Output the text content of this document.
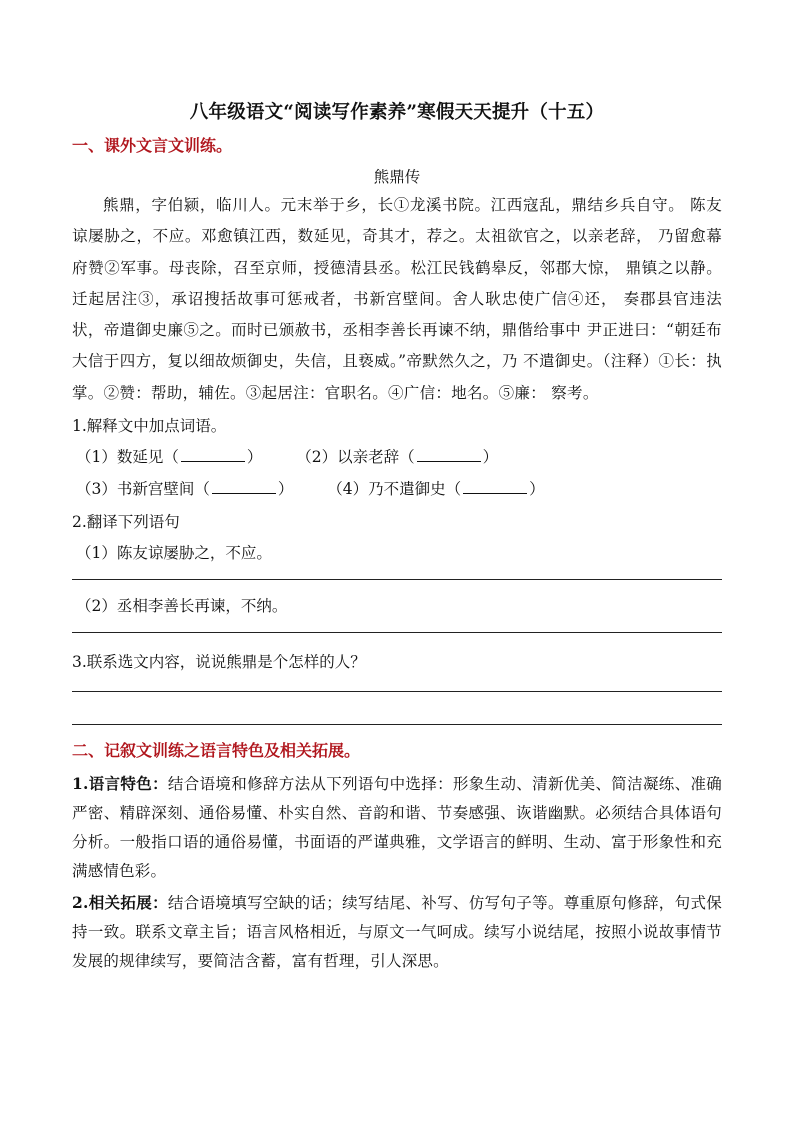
八年级语文“阅读写作素养”寒假天天提升（十五）
一、课外文言文训练。
熊鼎传

熊鼎，字伯颍，临川人。元末举于乡，长①龙溪书院。江西寇乱，鼎结乡兵自守。 陈友谅屡胁之，不应。邓愈镇江西，数延见，奇其才，荐之。太祖欲官之，以亲老辞， 乃留愈幕府赞②军事。母丧除，召至京师，授德清县丞。松江民钱鹤皋反，邻郡大惊， 鼎镇之以静。迁起居注③，承诏搜括故事可惩戒者，书新宫壁间。舍人耿忠使广信④还， 奏郡县官违法状，帝遣御史廉⑤之。而时已颁赦书，丞相李善长再谏不纳，鼎偕给事中 尹正进曰：“朝廷布大信于四方，复以细故烦御史，失信，且亵威。”帝默然久之，乃 不遣御史。（注释）①长：执掌。②赞：帮助，辅佐。③起居注：官职名。④广信：地名。⑤廉： 察考。

1.解释文中加点词语。
（1）数延见（	） （2）以亲老辞（	）
（3）书新宫壁间（	） （4）乃不遣御史（	）
2.翻译下列语句
（1）陈友谅屡胁之，不应。
（2）丞相李善长再谏，不纳。
3.联系选文内容，说说熊鼎是个怎样的人？
二、记叙文训练之语言特色及相关拓展。

1.语言特色：结合语境和修辞方法从下列语句中选择：形象生动、清新优美、简洁凝练、准确严密、精辟深刻、通俗易懂、朴实自然、音韵和谐、节奏感强、诙谐幽默。必须结合具体语句分析。一般指口语的通俗易懂，书面语的严谨典雅，文学语言的鲜明、生动、富于形象性和充满感情色彩。

2.相关拓展：结合语境填写空缺的话；续写结尾、补写、仿写句子等。尊重原句修辞，句式保持一致。联系文章主旨；语言风格相近，与原文一气呵成。续写小说结尾，按照小说故事情节发展的规律续写，要简洁含蓄，富有哲理，引人深思。
